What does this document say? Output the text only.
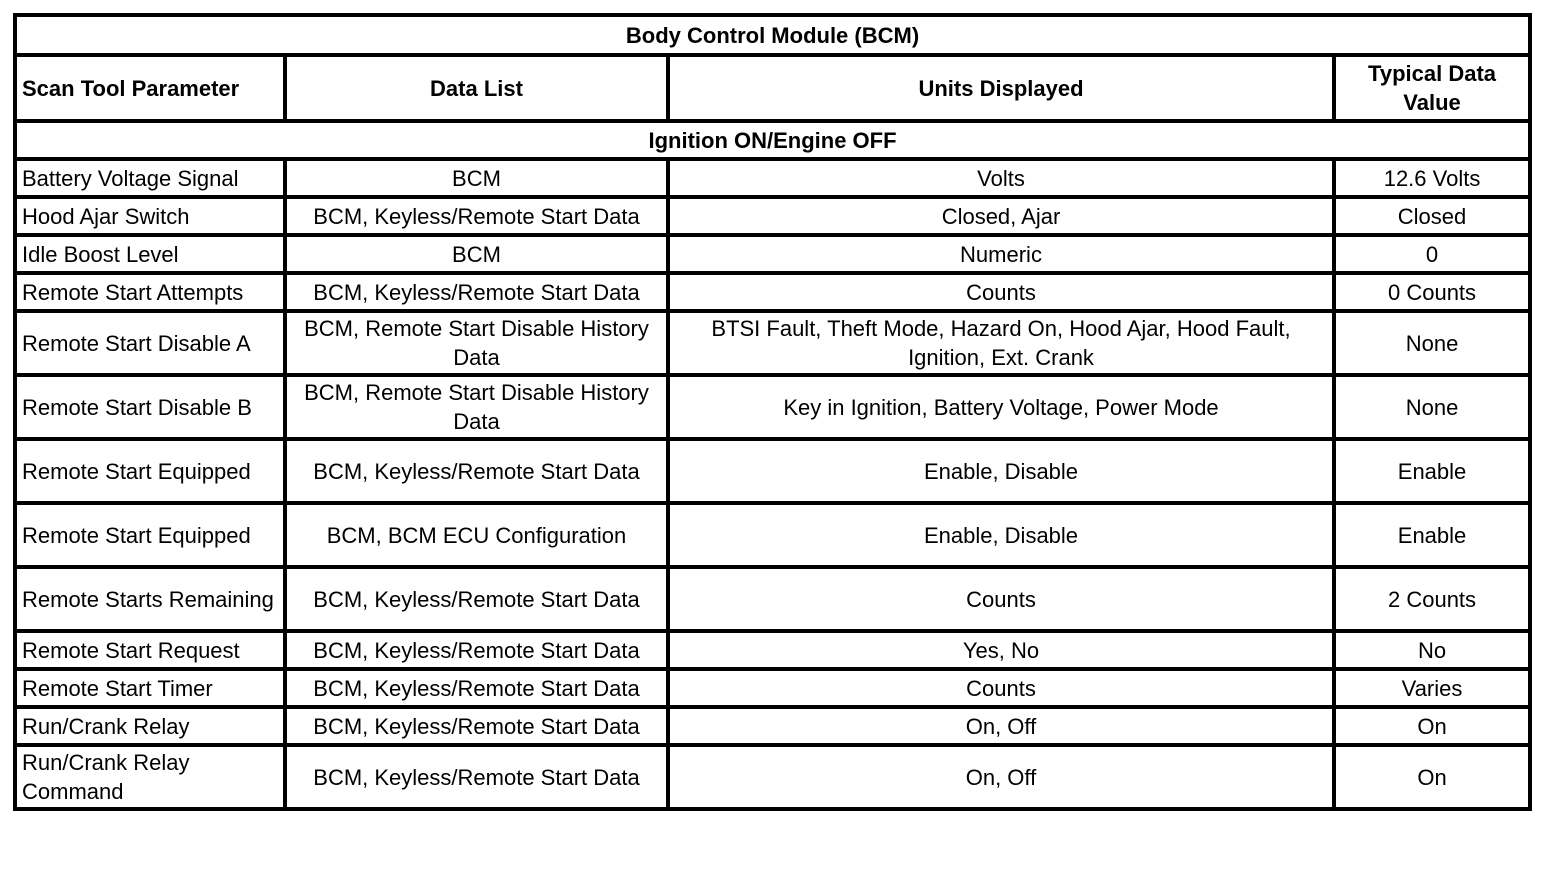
Body Control Module (BCM)			
Scan Tool Parameter	Data List	Units Displayed	Typical Data Value
Ignition ON/Engine OFF			
Battery Voltage Signal	BCM	Volts	12.6 Volts
Hood Ajar Switch	BCM, Keyless/Remote Start Data	Closed, Ajar	Closed
Idle Boost Level	BCM	Numeric	0
Remote Start Attempts	BCM, Keyless/Remote Start Data	Counts	0 Counts
Remote Start Disable A	BCM, Remote Start Disable History Data	BTSI Fault, Theft Mode, Hazard On, Hood Ajar, Hood Fault, Ignition, Ext. Crank	None
Remote Start Disable B	BCM, Remote Start Disable History Data	Key in Ignition, Battery Voltage, Power Mode	None
Remote Start Equipped	BCM, Keyless/Remote Start Data	Enable, Disable	Enable
Remote Start Equipped	BCM, BCM ECU Configuration	Enable, Disable	Enable
Remote Starts Remaining	BCM, Keyless/Remote Start Data	Counts	2 Counts
Remote Start Request	BCM, Keyless/Remote Start Data	Yes, No	No
Remote Start Timer	BCM, Keyless/Remote Start Data	Counts	Varies
Run/Crank Relay	BCM, Keyless/Remote Start Data	On, Off	On
Run/Crank Relay Command	BCM, Keyless/Remote Start Data	On, Off	On
